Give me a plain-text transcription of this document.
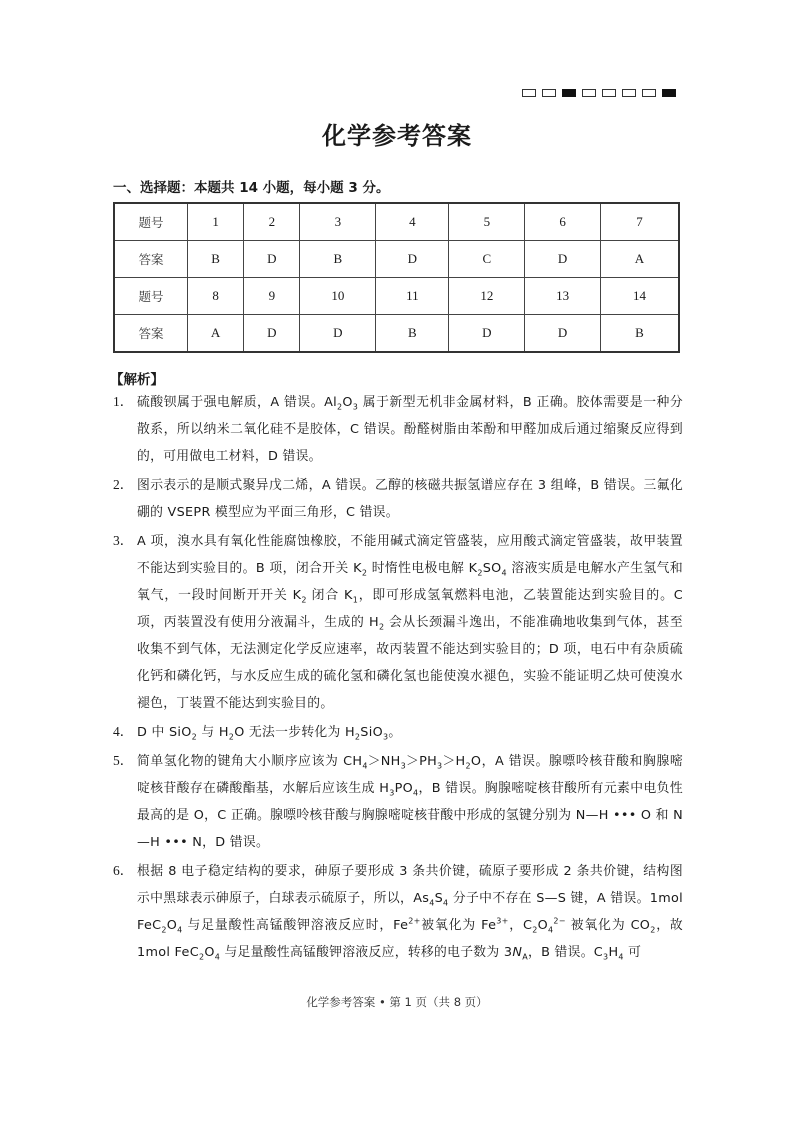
化学参考答案
一、选择题：本题共 14 小题，每小题 3 分。
题号	1	2	3	4	5	6	7
答案	B	D	B	D	C	D	A
题号	8	9	10	11	12	13	14
答案	A	D	D	B	D	D	B
【解析】
1． 硫酸钡属于强电解质，A 错误。$Al_2O_3$ 属于新型无机非金属材料，B 正确。胶体需要是一种分散系，所以纳米二氧化硅不是胶体，C 错误。酚醛树脂由苯酚和甲醛加成后通过缩聚反应得到的，可用做电工材料，D 错误。
2． 图示表示的是顺式聚异戊二烯，A 错误。乙醇的核磁共振氢谱应存在 3 组峰，B 错误。三氟化硼的 VSEPR 模型应为平面三角形，C 错误。
3． A 项，溴水具有氧化性能腐蚀橡胶，不能用碱式滴定管盛装，应用酸式滴定管盛装，故甲装置不能达到实验目的。B 项，闭合开关 $K_2$ 时惰性电极电解 $K_2SO_4$ 溶液实质是电解水产生氢气和氧气，一段时间断开开关 $K_2$ 闭合 $K_1$，即可形成氢氧燃料电池，乙装置能达到实验目的。C 项，丙装置没有使用分液漏斗，生成的 $H_2$ 会从长颈漏斗逸出，不能准确地收集到气体，甚至收集不到气体，无法测定化学反应速率，故丙装置不能达到实验目的；D 项，电石中有杂质硫化钙和磷化钙，与水反应生成的硫化氢和磷化氢也能使溴水褪色，实验不能证明乙炔可使溴水褪色，丁装置不能达到实验目的。
4． D 中 SiO$_2$ 与 $H_2O$ 无法一步转化为 $H_2SiO_3$。
5． 简单氢化物的键角大小顺序应该为 $CH_4>NH_3>PH_3>H_2O$，A 错误。腺嘌呤核苷酸和胸腺嘧啶核苷酸存在磷酸酯基，水解后应该生成 $H_3PO_4$，B 错误。胸腺嘧啶核苷酸所有元素中电负性最高的是 O，C 正确。腺嘌呤核苷酸与胸腺嘧啶核苷酸中形成的氢键分别为 N—H ••• O 和 N—H ••• N，D 错误。
6． 根据 8 电子稳定结构的要求，砷原子要形成 3 条共价键，硫原子要形成 2 条共价键，结构图示中黑球表示砷原子，白球表示硫原子，所以，$As_4S_4$ 分子中不存在 S—S 键，A 错误。1mol $FeC_2O_4$ 与足量酸性高锰酸钾溶液反应时，$Fe^{2+}$被氧化为 $Fe^{3+}$，$C_2O_4^{2-}$ 被氧化为 $CO_2$，故 1mol $FeC_2O_4$ 与足量酸性高锰酸钾溶液反应，转移的电子数为 $3N_A$，B 错误。$C_3H_4$ 可
化学参考答案 • 第 1 页（共 8 页）
